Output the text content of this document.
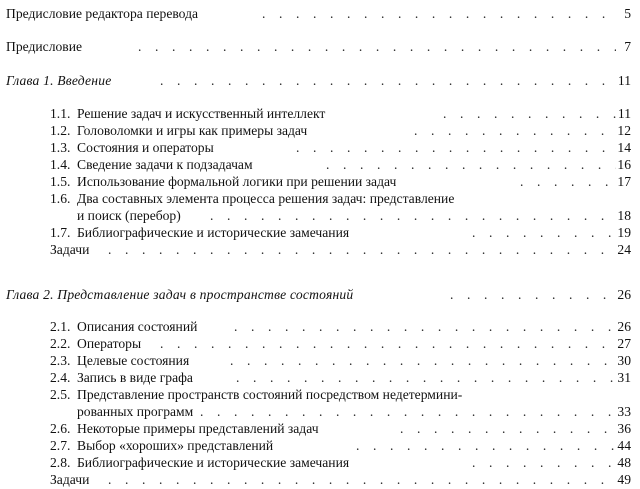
Предисловие редактора перевода .	5
Предисловие .	7
Глава 1. Введение .	11
1.1. Решение задач и искусственный интеллект .	11
1.2. Головоломки и игры как примеры задач .	12
1.3. Состояния и операторы .	14
1.4. Сведение задачи к подзадачам .	16
1.5. Использование формальной логики при решении задач .	17
1.6. Два составных элемента процесса решения задач: представление
и поиск (перебор) .	18
1.7. Библиографические и исторические замечания .	19
Задачи .	24
Глава 2. Представление задач в пространстве состояний .	26
2.1. Описания состояний .	26
2.2. Операторы .	27
2.3. Целевые состояния .	30
2.4. Запись в виде графа .	31
2.5. Представление пространств состояний посредством недетермини-
рованных программ .	33
2.6. Некоторые примеры представлений задач .	36
2.7. Выбор «хороших» представлений .	44
2.8. Библиографические и исторические замечания .	48
Задачи .	49
